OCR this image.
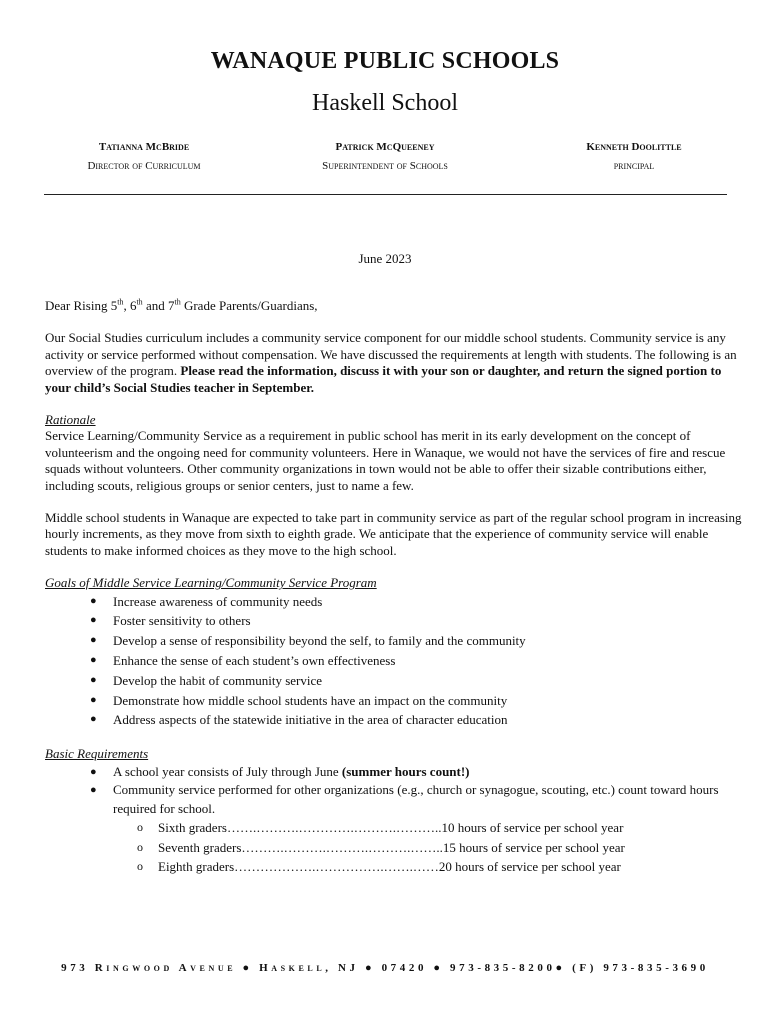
WANAQUE PUBLIC SCHOOLS
Haskell School
Tatianna McBride
Director of Curriculum
Patrick McQueeney
Superintendent of Schools
Kenneth Doolittle
principal
June 2023

Dear Rising 5th, 6th and 7th Grade Parents/Guardians,

Our Social Studies curriculum includes a community service component for our middle school students. Community service is any activity or service performed without compensation. We have discussed the requirements at length with students. The following is an overview of the program. Please read the information, discuss it with your son or daughter, and return the signed portion to your child’s Social Studies teacher in September.

Rationale

Service Learning/Community Service as a requirement in public school has merit in its early development on the concept of volunteerism and the ongoing need for community volunteers. Here in Wanaque, we would not have the services of fire and rescue squads without volunteers. Other community organizations in town would not be able to offer their sizable contributions either, including scouts, religious groups or senior centers, just to name a few.

Middle school students in Wanaque are expected to take part in community service as part of the regular school program in increasing hourly increments, as they move from sixth to eighth grade. We anticipate that the experience of community service will enable students to make informed choices as they move to the high school.

Goals of Middle Service Learning/Community Service Program

● Increase awareness of community needs
● Foster sensitivity to others
● Develop a sense of responsibility beyond the self, to family and the community
● Enhance the sense of each student’s own effectiveness
● Develop the habit of community service
● Demonstrate how middle school students have an impact on the community
● Address aspects of the statewide initiative in the area of character education

Basic Requirements

● A school year consists of July through June (summer hours count!)
● Community service performed for other organizations (e.g., church or synagogue, scouting, etc.) count toward hours required for school.
o Sixth graders…….……….………….……….………..10 hours of service per school year
o Seventh graders……….……….……….……….……..15 hours of service per school year
o Eighth graders……………….…………….…….……20 hours of service per school year
973 Ringwood Avenue ● Haskell, NJ ● 07420 ● 973-835-8200● (F) 973-835-3690
